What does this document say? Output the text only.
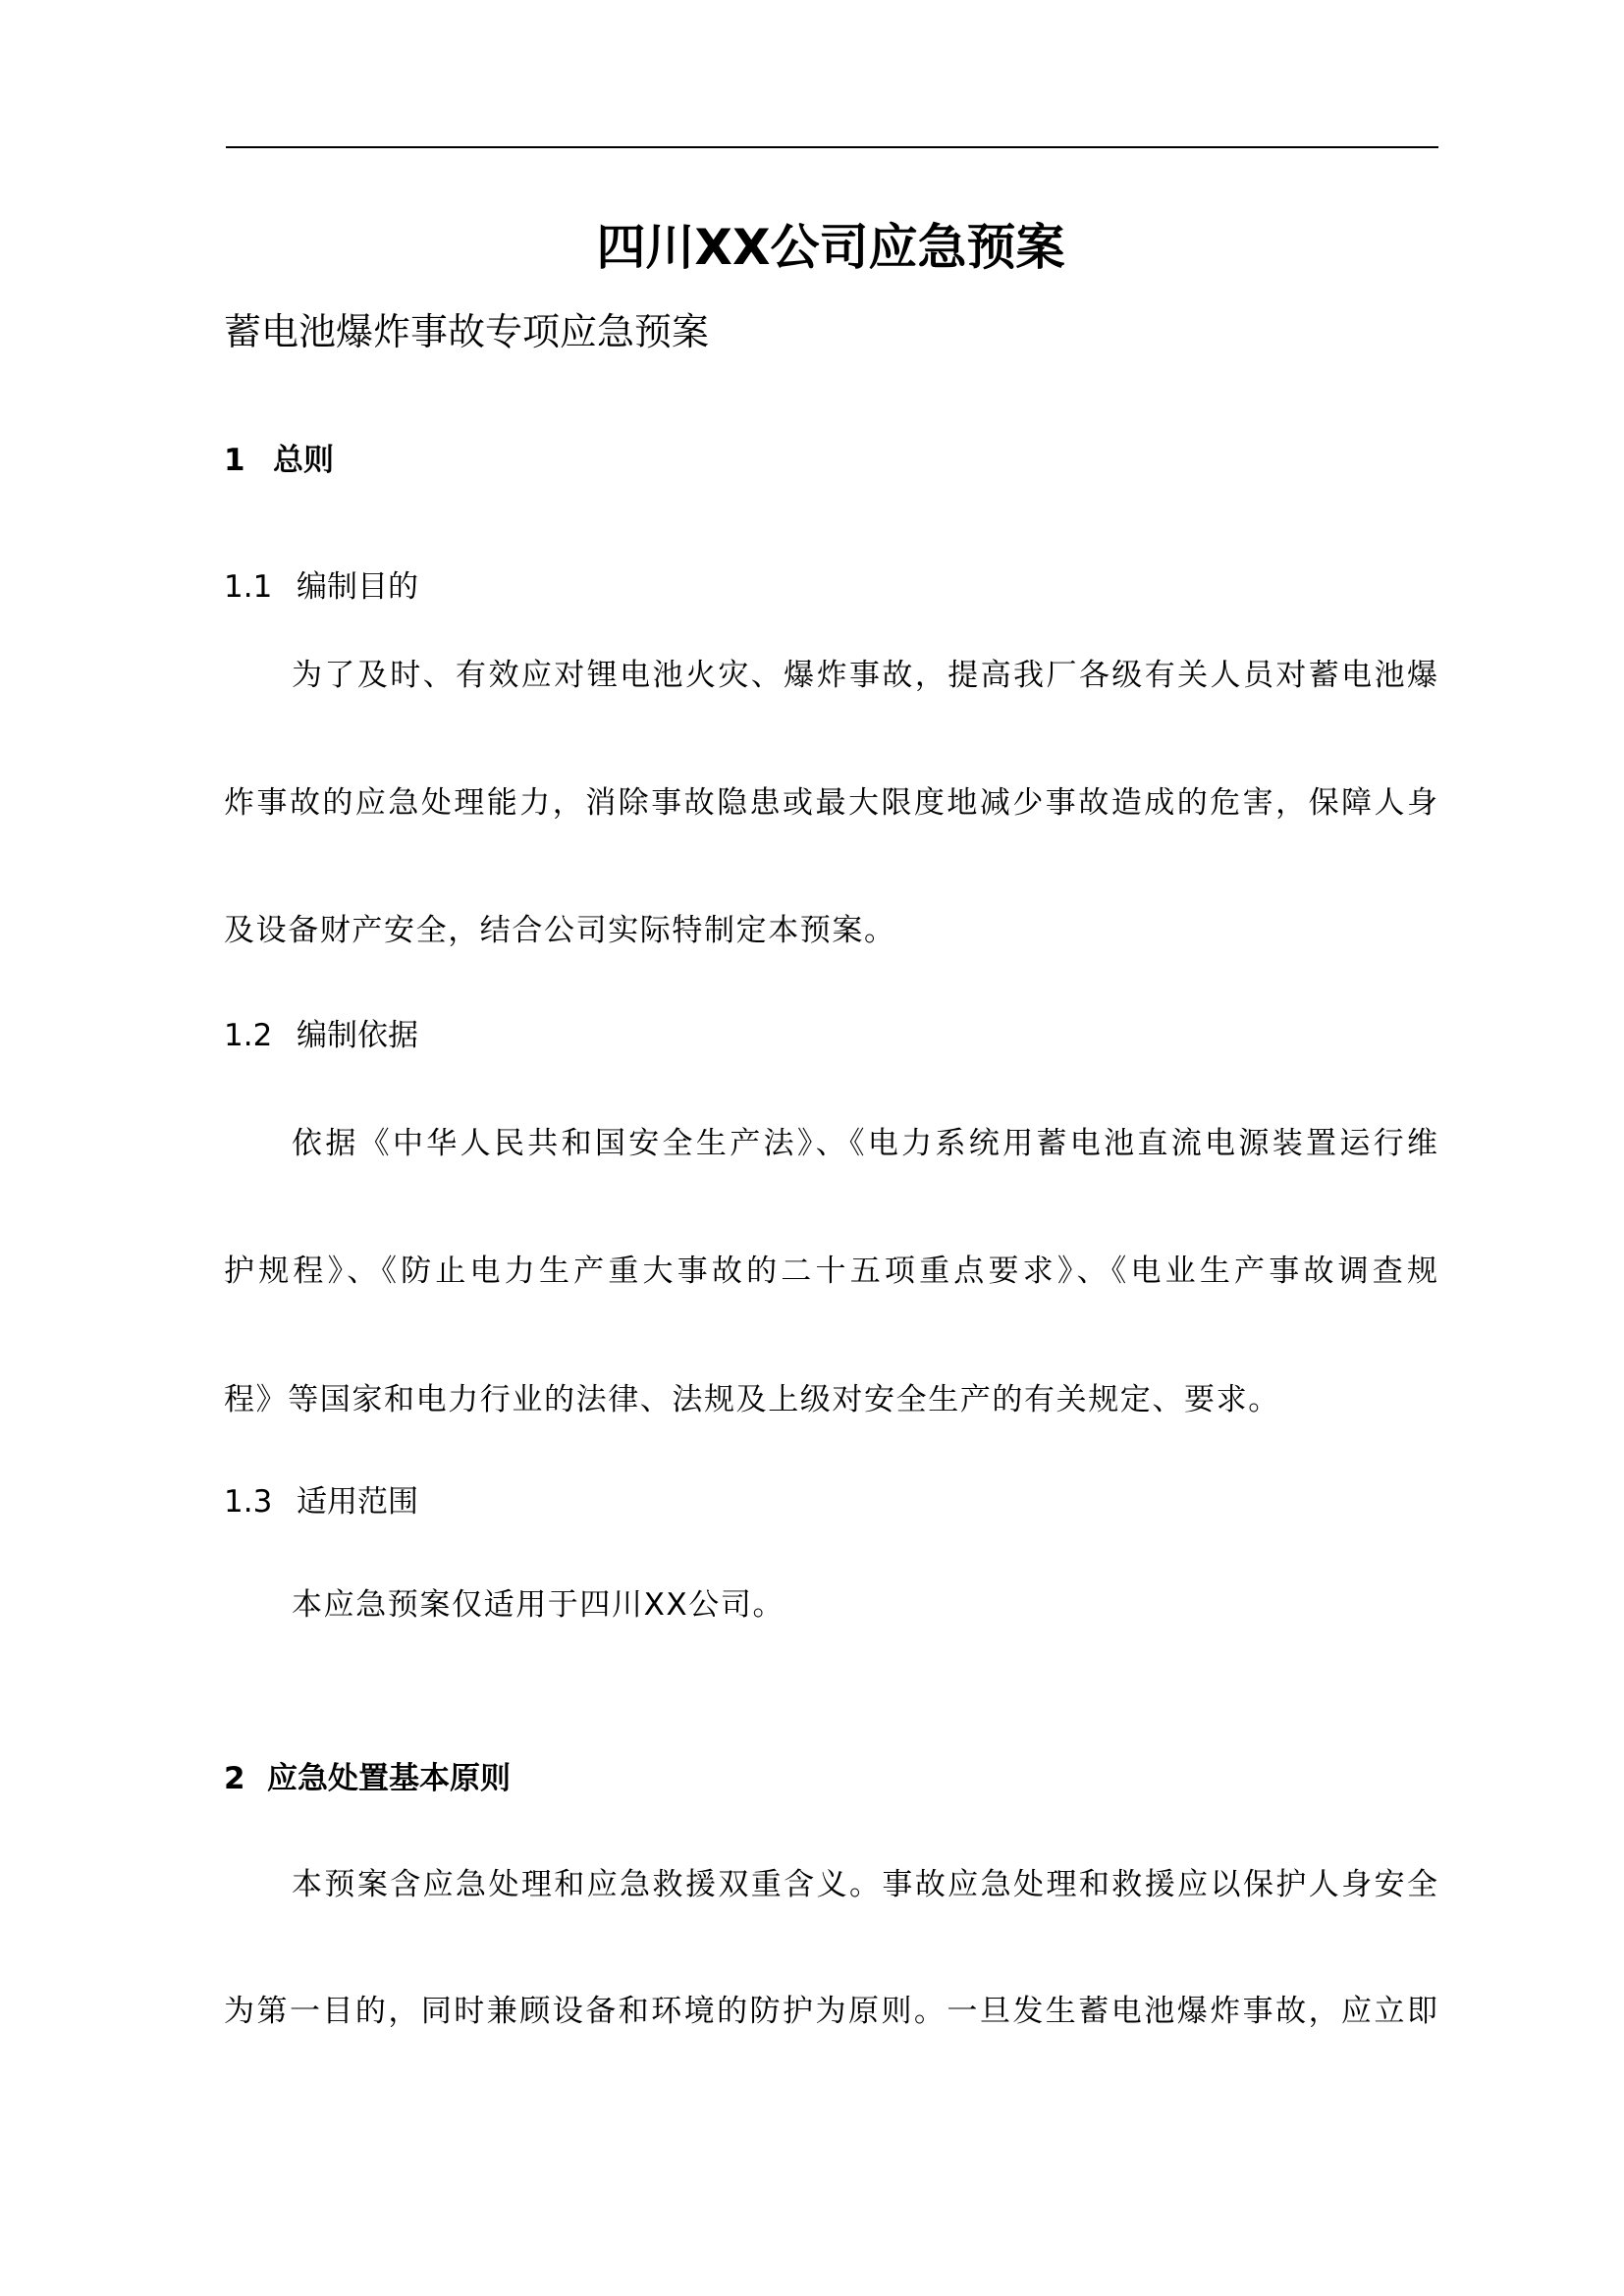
四川XX公司应急预案
蓄电池爆炸事故专项应急预案
1 总则
1.1 编制目的
为了及时、有效应对锂电池火灾、爆炸事故，提高我厂各级有关人员对蓄电池爆
炸事故的应急处理能力，消除事故隐患或最大限度地减少事故造成的危害，保障人身
及设备财产安全，结合公司实际特制定本预案。
1.2 编制依据
依据《中华人民共和国安全生产法》、《电力系统用蓄电池直流电源装置运行维
护规程》、《防止电力生产重大事故的二十五项重点要求》、《电业生产事故调查规
程》等国家和电力行业的法律、法规及上级对安全生产的有关规定、要求。
1.3 适用范围
本应急预案仅适用于四川XX公司。
2 应急处置基本原则
本预案含应急处理和应急救援双重含义。事故应急处理和救援应以保护人身安全
为第一目的，同时兼顾设备和环境的防护为原则。一旦发生蓄电池爆炸事故，应立即
